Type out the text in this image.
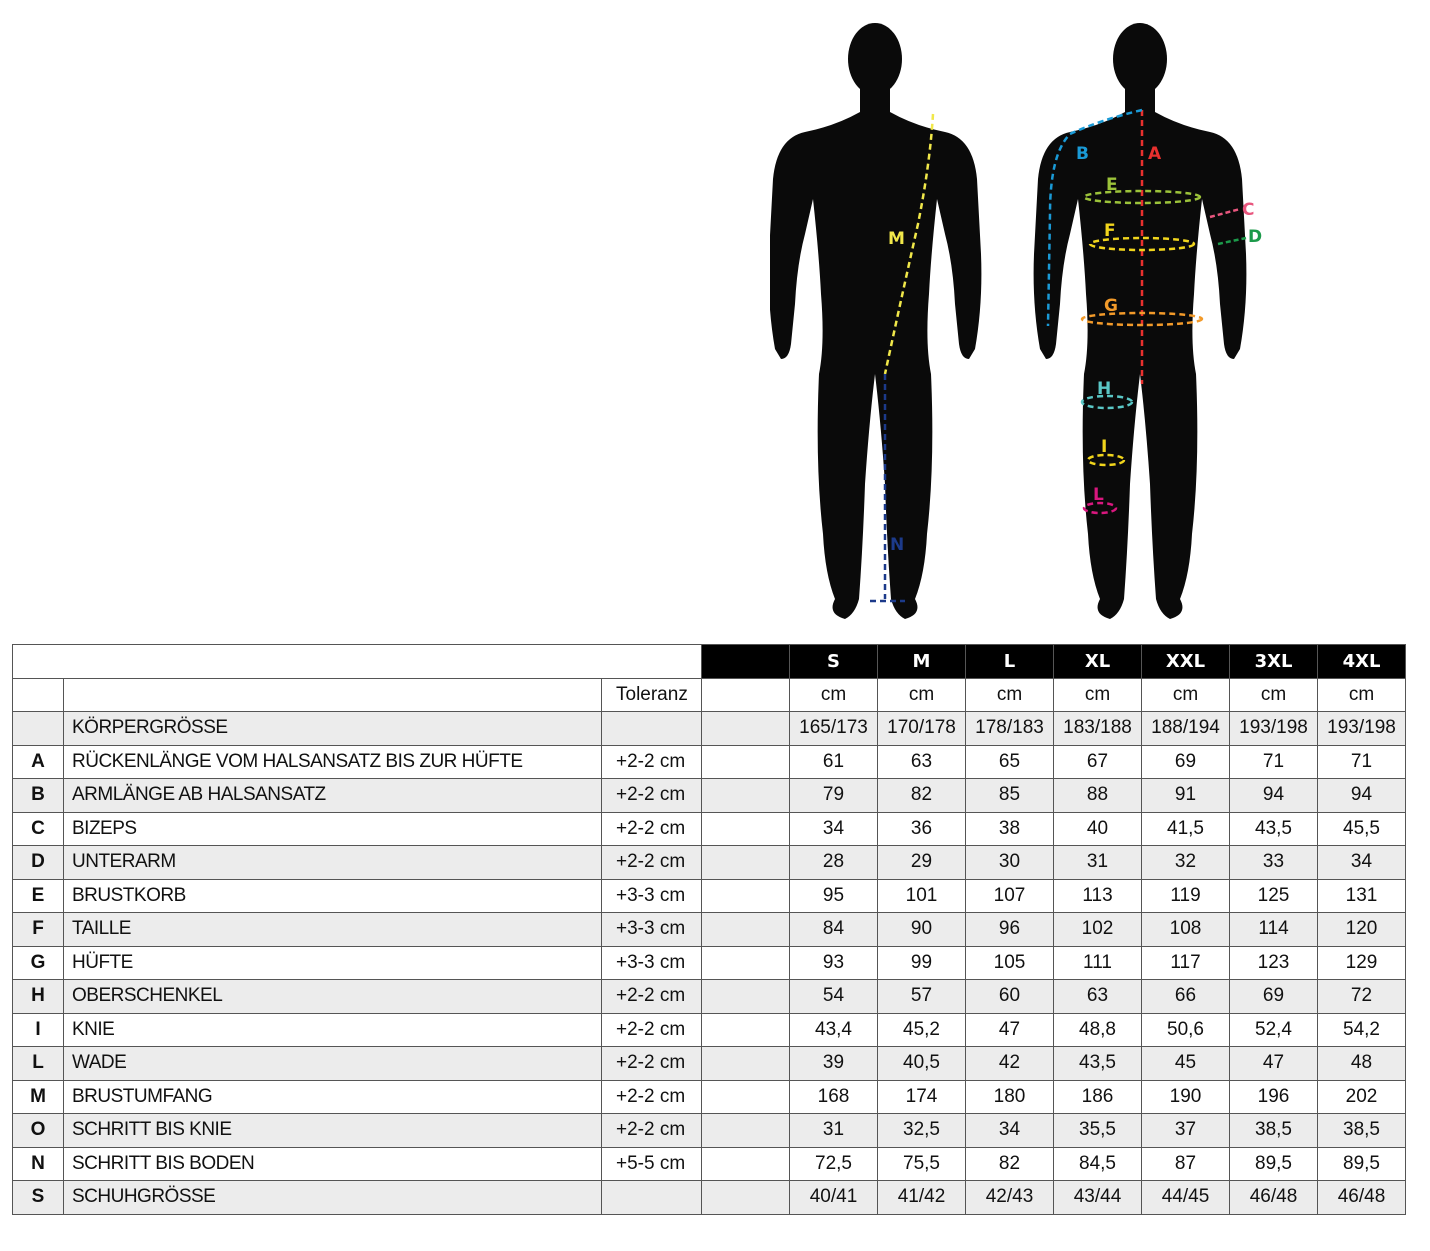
M
N
B	A
E
C
F	D
G
H
I
L
				S	M	L	XL	XXL	3XL	4XL
		Toleranz		cm	cm	cm	cm	cm	cm	cm
	KÖRPERGRÖSSE			165/173	170/178	178/183	183/188	188/194	193/198	193/198
A	RÜCKENLÄNGE VOM HALSANSATZ BIS ZUR HÜFTE	+2-2 cm		61	63	65	67	69	71	71
B	ARMLÄNGE AB HALSANSATZ	+2-2 cm		79	82	85	88	91	94	94
C	BIZEPS	+2-2 cm		34	36	38	40	41,5	43,5	45,5
D	UNTERARM	+2-2 cm		28	29	30	31	32	33	34
E	BRUSTKORB	+3-3 cm		95	101	107	113	119	125	131
F	TAILLE	+3-3 cm		84	90	96	102	108	114	120
G	HÜFTE	+3-3 cm		93	99	105	111	117	123	129
H	OBERSCHENKEL	+2-2 cm		54	57	60	63	66	69	72
I	KNIE	+2-2 cm		43,4	45,2	47	48,8	50,6	52,4	54,2
L	WADE	+2-2 cm		39	40,5	42	43,5	45	47	48
M	BRUSTUMFANG	+2-2 cm		168	174	180	186	190	196	202
O	SCHRITT BIS KNIE	+2-2 cm		31	32,5	34	35,5	37	38,5	38,5
N	SCHRITT BIS BODEN	+5-5 cm		72,5	75,5	82	84,5	87	89,5	89,5
S	SCHUHGRÖSSE			40/41	41/42	42/43	43/44	44/45	46/48	46/48
